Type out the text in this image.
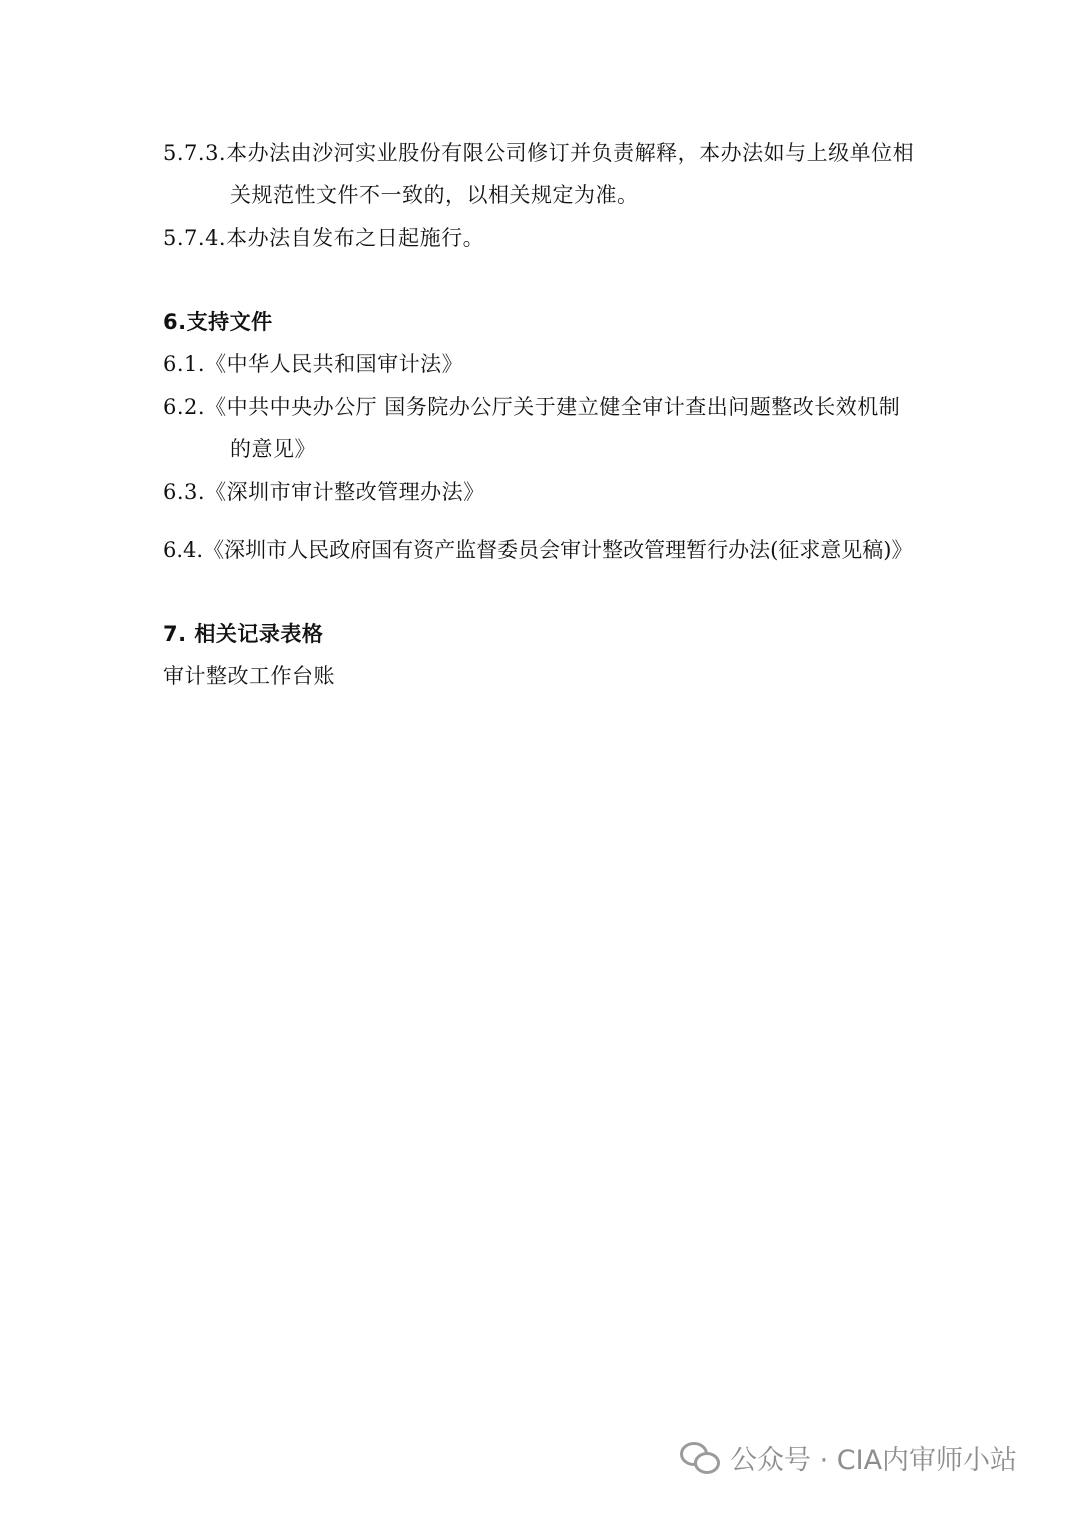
5.7.3.本办法由沙河实业股份有限公司修订并负责解释，本办法如与上级单位相
关规范性文件不一致的，以相关规定为准。
5.7.4.本办法自发布之日起施行。
6.支持文件
6.1.《中华人民共和国审计法》
6.2.《中共中央办公厅 国务院办公厅关于建立健全审计查出问题整改长效机制
的意见》
6.3.《深圳市审计整改管理办法》
6.4.《深圳市人民政府国有资产监督委员会审计整改管理暂行办法(征求意见稿)》
7. 相关记录表格
审计整改工作台账
公众号 · CIA内审师小站
